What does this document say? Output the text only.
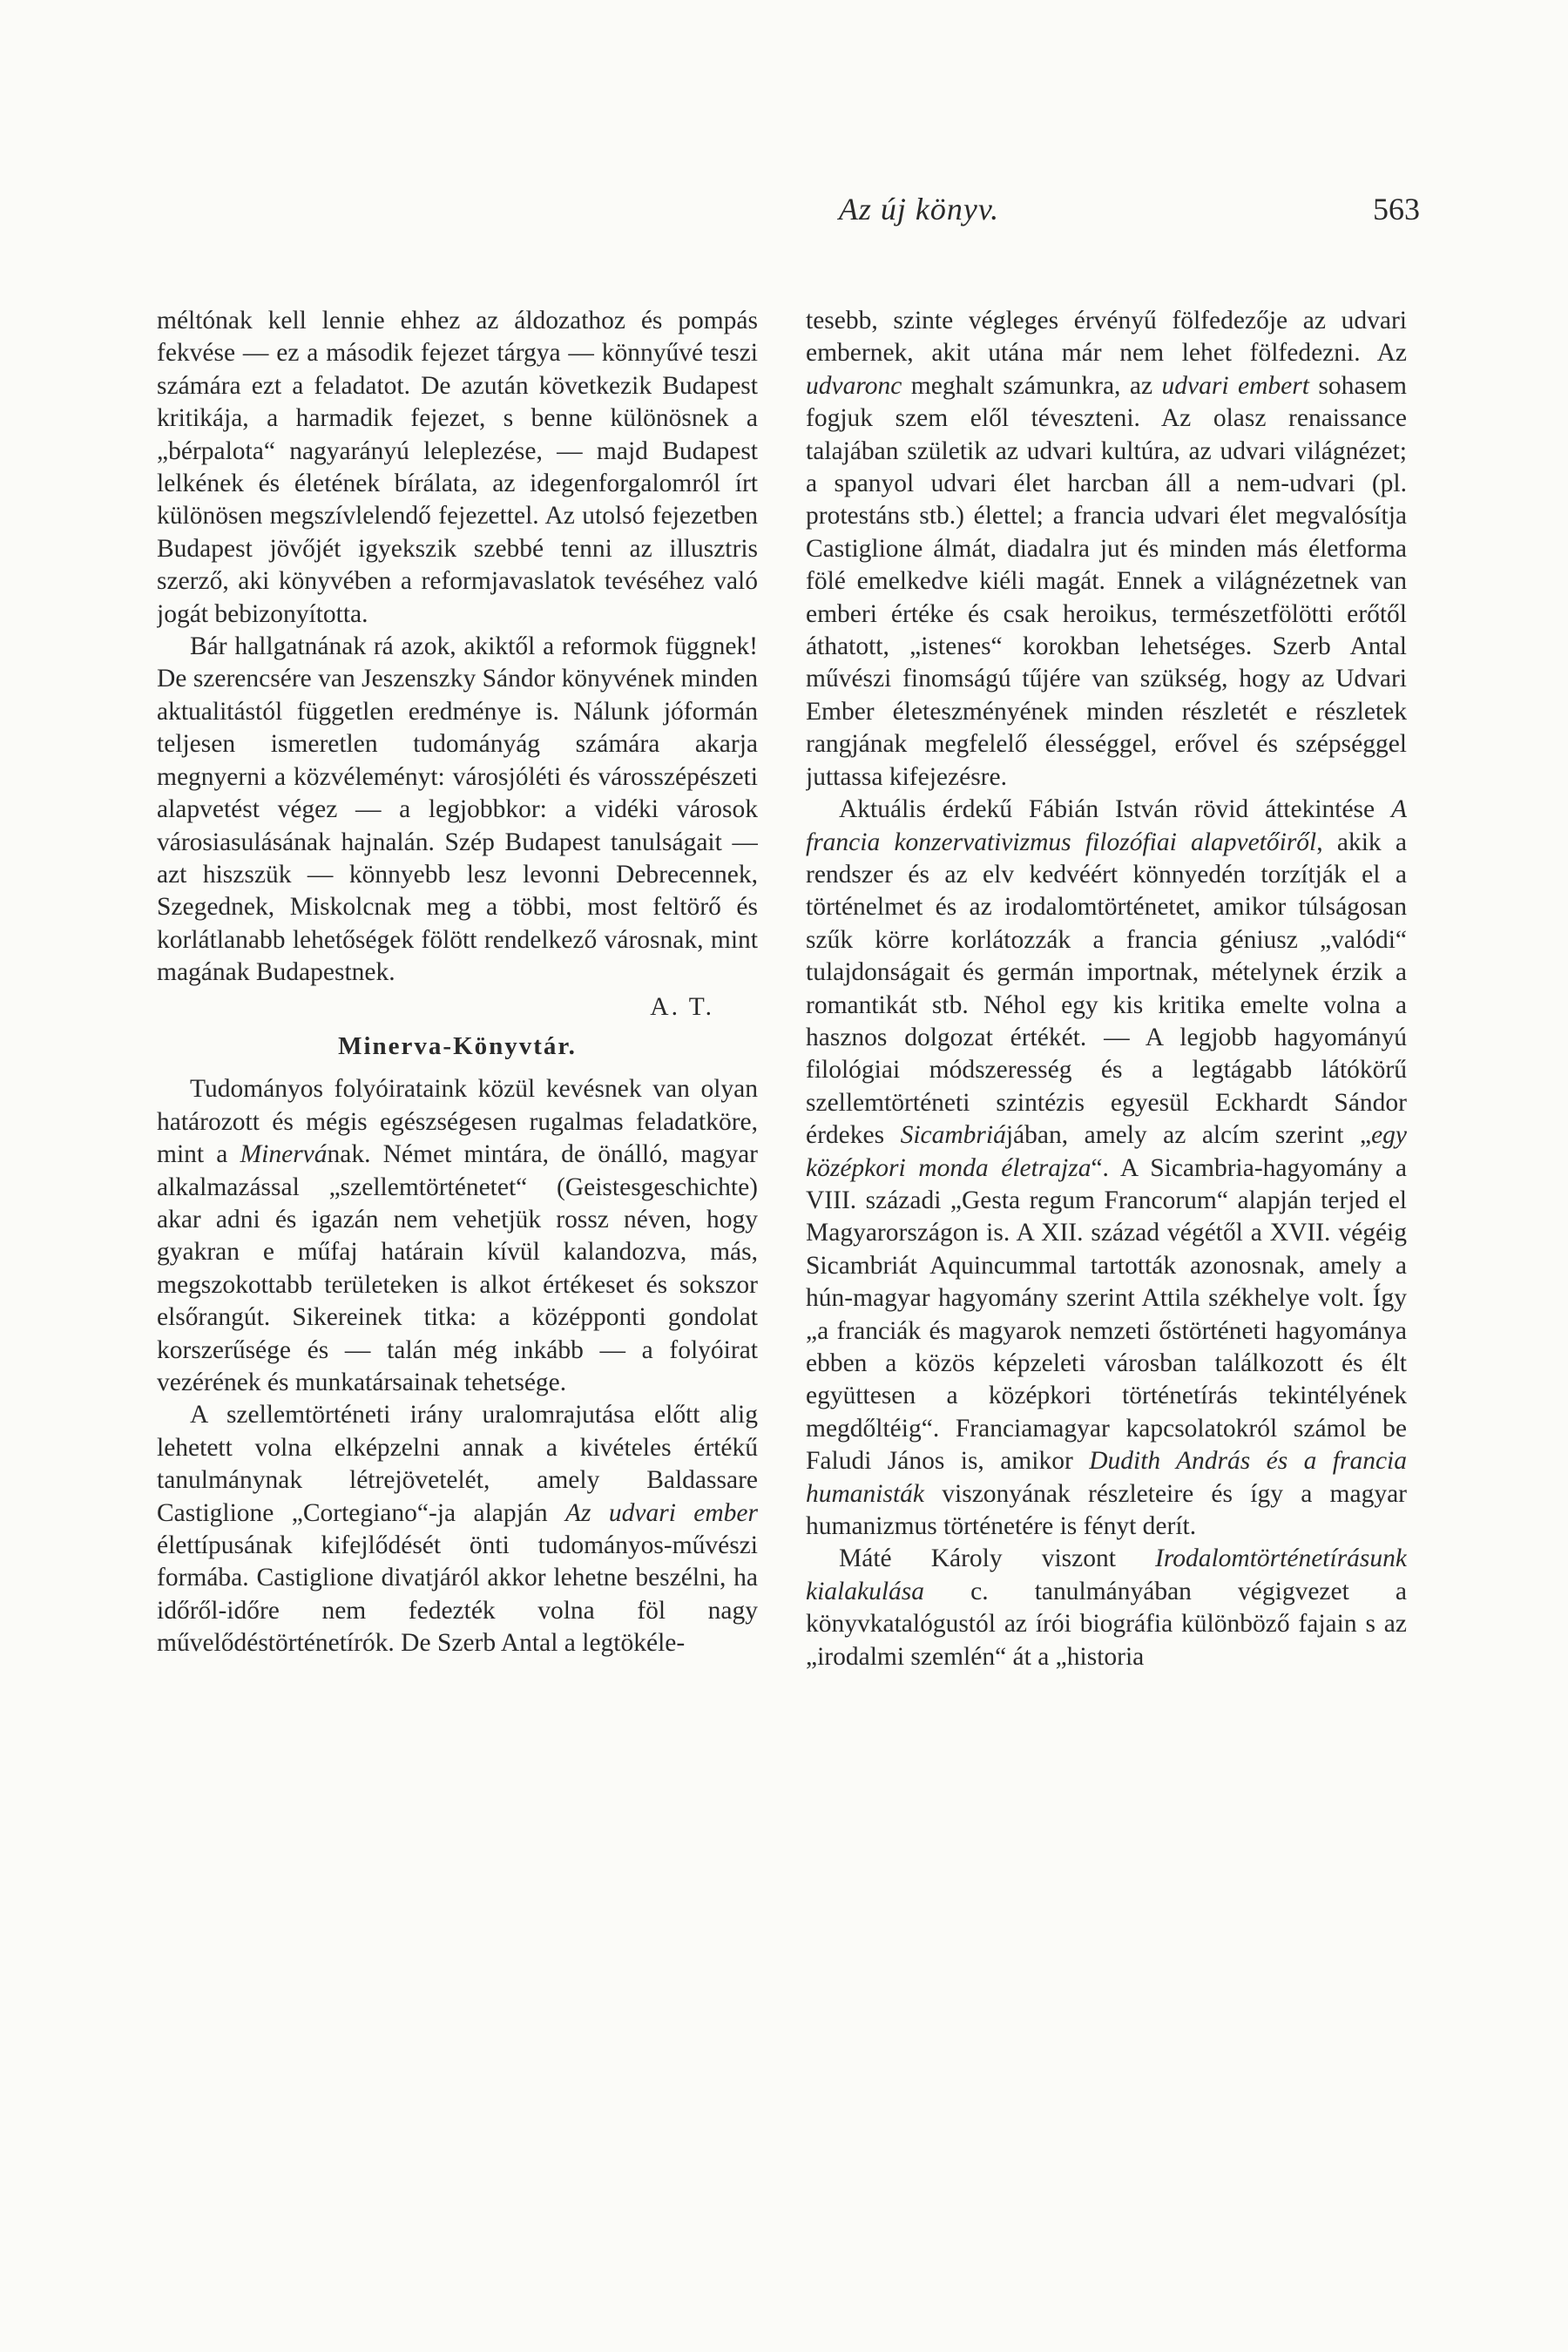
Az új könyv.	563

méltónak kell lennie ehhez az áldozathoz és pompás fekvése — ez a második fejezet tárgya — könnyűvé teszi számára ezt a feladatot. De azután következik Budapest kritikája, a harmadik fejezet, s benne különösnek a „bérpalota“ nagyarányú leleplezése, — majd Budapest lelkének és életének bírálata, az idegenforgalomról írt különösen megszívlelendő fejezettel. Az utolsó fejezetben Budapest jövőjét igyekszik szebbé tenni az illusztris szerző, aki könyvében a reformjavaslatok tevéséhez való jogát bebizonyította.

Bár hallgatnának rá azok, akiktől a reformok függnek! De szerencsére van Jeszenszky Sándor könyvének minden aktualitástól független eredménye is. Nálunk jóformán teljesen ismeretlen tudományág számára akarja megnyerni a közvéleményt: városjóléti és városszépészeti alapvetést végez — a legjobbkor: a vidéki városok városiasulásának hajnalán. Szép Budapest tanulságait — azt hiszszük — könnyebb lesz levonni Debrecennek, Szegednek, Miskolcnak meg a többi, most feltörő és korlátlanabb lehetőségek fölött rendelkező városnak, mint magának Budapestnek.

A. T.
Minerva-Könyvtár.

Tudományos folyóirataink közül kevésnek van olyan határozott és mégis egészségesen rugalmas feladatköre, mint a Minervának. Német mintára, de önálló, magyar alkalmazással „szellemtörténetet“ (Geistesgeschichte) akar adni és igazán nem vehetjük rossz néven, hogy gyakran e műfaj határain kívül kalandozva, más, megszokottabb területeken is alkot értékeset és sokszor elsőrangút. Sikereinek titka: a középponti gondolat korszerűsége és — talán még inkább — a folyóirat vezérének és munkatársainak tehetsége.

A szellemtörténeti irány uralomrajutása előtt alig lehetett volna elképzelni annak a kivételes értékű tanulmánynak létrejövetelét, amely Baldassare Castiglione „Cortegiano“-ja alapján Az udvari ember élettípusának kifejlődését önti tudományos-művészi formába. Castiglione divatjáról akkor lehetne beszélni, ha időről-időre nem fedezték volna föl nagy művelődéstörténetírók. De Szerb Antal a legtökéle-

tesebb, szinte végleges érvényű fölfedezője az udvari embernek, akit utána már nem lehet fölfedezni. Az udvaronc meghalt számunkra, az udvari embert sohasem fogjuk szem elől téveszteni. Az olasz renaissance talajában születik az udvari kultúra, az udvari világnézet; a spanyol udvari élet harcban áll a nem-udvari (pl. protestáns stb.) élettel; a francia udvari élet megvalósítja Castiglione álmát, diadalra jut és minden más életforma fölé emelkedve kiéli magát. Ennek a világnézetnek van emberi értéke és csak heroikus, természetfölötti erőtől áthatott, „istenes“ korokban lehetséges. Szerb Antal művészi finomságú tűjére van szükség, hogy az Udvari Ember életeszményének minden részletét e részletek rangjának megfelelő élességgel, erővel és szépséggel juttassa kifejezésre.

Aktuális érdekű Fábián István rövid áttekintése A francia konzervativizmus filozófiai alapvetőiről, akik a rendszer és az elv kedvéért könnyedén torzítják el a történelmet és az irodalomtörténetet, amikor túlságosan szűk körre korlátozzák a francia géniusz „valódi“ tulajdonságait és germán importnak, mételynek érzik a romantikát stb. Néhol egy kis kritika emelte volna a hasznos dolgozat értékét. — A legjobb hagyományú filológiai módszeresség és a legtágabb látókörű szellemtörténeti szintézis egyesül Eckhardt Sándor érdekes Sicambriájában, amely az alcím szerint „egy középkori monda életrajza“. A Sicambria-hagyomány a VIII. századi „Gesta regum Francorum“ alapján terjed el Magyarországon is. A XII. század végétől a XVII. végéig Sicambriát Aquincummal tartották azonosnak, amely a hún-magyar hagyomány szerint Attila székhelye volt. Így „a franciák és magyarok nemzeti őstörténeti hagyománya ebben a közös képzeleti városban találkozott és élt együttesen a középkori történetírás tekintélyének megdőltéig“. Franciamagyar kapcsolatokról számol be Faludi János is, amikor Dudith András és a francia humanisták viszonyának részleteire és így a magyar humanizmus történetére is fényt derít.

Máté Károly viszont Irodalomtörténetírásunk kialakulása c. tanulmányában végigvezet a könyvkatalógustól az írói biográfia különböző fajain s az „irodalmi szemlén“ át a „historia
